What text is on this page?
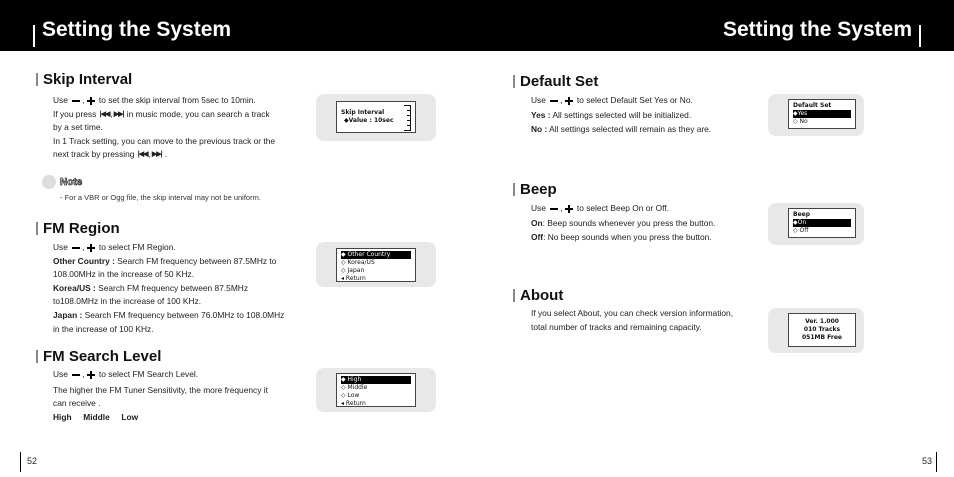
Setting the System	Setting the System
Skip Interval

Use , to set the skip interval from 5sec to 10min.

If you press |◀◀,▶▶| in music mode, you can search a track

by a set time.

In 1 Track setting, you can move to the previous track or the

next track by pressing |◀◀,▶▶| .

Skip Interval
◆Value : 10sec
Note
- For a VBR or Ogg file, the skip interval may not be uniform.
FM Region

Use , to select FM Region.

Other Country : Search FM frequency between 87.5MHz to

108.00MHz in the increase of 50 KHz.

Korea/US : Search FM frequency between 87.5MHz

to108.0MHz in the increase of 100 KHz.

Japan : Search FM frequency between 76.0MHz to 108.0MHz

in the increase of 100 KHz.

◆ Other Country
◇ Korea/US
◇ Japan
◂ Return
FM Search Level

Use , to select FM Search Level.

The higher the FM Tuner Sensitivity, the more frequency it

can receive .

High     Middle     Low

◆ High
◇ Middle
◇ Low
◂ Return
Default Set

Use , to select Default Set Yes or No.

Yes : All settings selected will be initialized.

No : All settings selected will remain as they are.

Default Set
◆Yes
◇ No
Beep

Use , to select Beep On or Off.

On: Beep sounds whenever you press the button.

Off: No beep sounds when you press the button.

Beep
◆On
◇ Off
About

If you select About, you can check version information,

total number of tracks and remaining capacity.

Ver. 1.000
010 Tracks
051MB Free
52	53
